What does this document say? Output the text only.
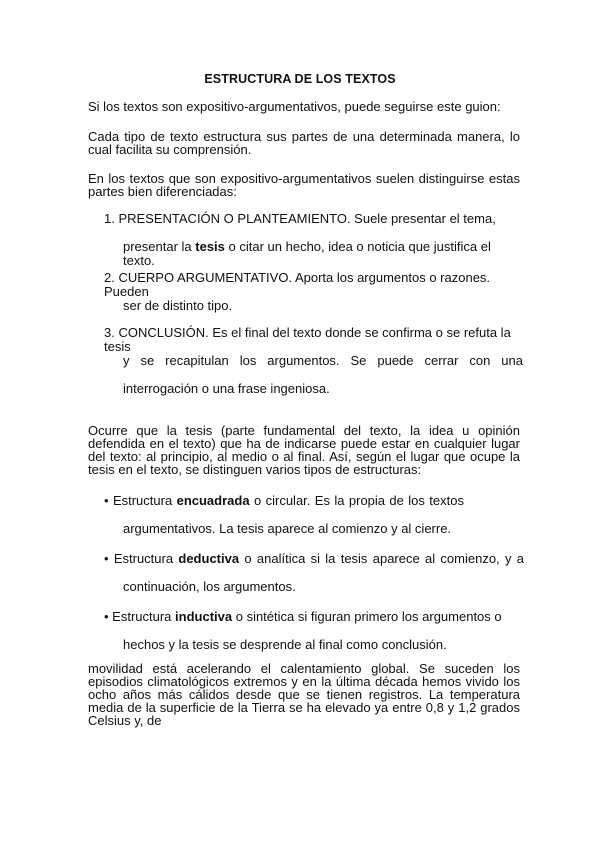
ESTRUCTURA DE LOS TEXTOS

Si los textos son expositivo-argumentativos, puede seguirse este guion:

Cada tipo de texto estructura sus partes de una determinada manera, lo cual facilita su comprensión.

En los textos que son expositivo-argumentativos suelen distinguirse estas partes bien diferenciadas:

1. PRESENTACIÓN O PLANTEAMIENTO. Suele presentar el tema,
presentar la tesis o citar un hecho, idea o noticia que justifica el texto.
2. CUERPO ARGUMENTATIVO. Aporta los argumentos o razones. Pueden
ser de distinto tipo.
3. CONCLUSIÓN. Es el final del texto donde se confirma o se refuta la tesis
y se recapitulan los argumentos. Se puede cerrar con una
interrogación o una frase ingeniosa.

Ocurre que la tesis (parte fundamental del texto, la idea u opinión defendida en el texto) que ha de indicarse puede estar en cualquier lugar del texto: al principio, al medio o al final. Así, según el lugar que ocupe la tesis en el texto, se distinguen varios tipos de estructuras:

• Estructura encuadrada o circular. Es la propia de los textos
argumentativos. La tesis aparece al comienzo y al cierre.
• Estructura deductiva o analítica si la tesis aparece al comienzo, y a
continuación, los argumentos.
• Estructura inductiva o sintética si figuran primero los argumentos o
hechos y la tesis se desprende al final como conclusión.

movilidad está acelerando el calentamiento global. Se suceden los episodios climatológicos extremos y en la última década hemos vivido los ocho años más cálidos desde que se tienen registros. La temperatura media de la superficie de la Tierra se ha elevado ya entre 0,8 y 1,2 grados Celsius y, de
